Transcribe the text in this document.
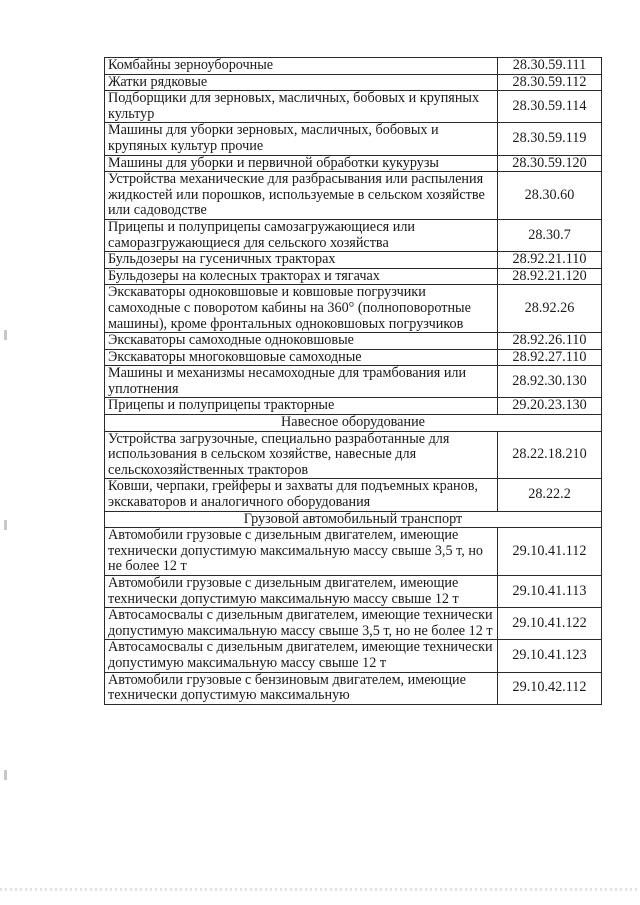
Комбайны зерноуборочные	28.30.59.111
Жатки рядковые	28.30.59.112
Подборщики для зерновых, масличных, бобовых и крупяных культур	28.30.59.114
Машины для уборки зерновых, масличных, бобовых и крупяных культур прочие	28.30.59.119
Машины для уборки и первичной обработки кукурузы	28.30.59.120
Устройства механические для разбрасывания или распыления жидкостей или порошков, используемые в сельском хозяйстве или садоводстве	28.30.60
Прицепы и полуприцепы самозагружающиеся или саморазгружающиеся для сельского хозяйства	28.30.7
Бульдозеры на гусеничных тракторах	28.92.21.110
Бульдозеры на колесных тракторах и тягачах	28.92.21.120
Экскаваторы одноковшовые и ковшовые погрузчики самоходные с поворотом кабины на 360° (полноповоротные машины), кроме фронтальных одноковшовых погрузчиков	28.92.26
Экскаваторы самоходные одноковшовые	28.92.26.110
Экскаваторы многоковшовые самоходные	28.92.27.110
Машины и механизмы несамоходные для трамбования или уплотнения	28.92.30.130
Прицепы и полуприцепы тракторные	29.20.23.130
Навесное оборудование	
Устройства загрузочные, специально разработанные для использования в сельском хозяйстве, навесные для сельскохозяйственных тракторов	28.22.18.210
Ковши, черпаки, грейферы и захваты для подъемных кранов, экскаваторов и аналогичного оборудования	28.22.2
Грузовой автомобильный транспорт	
Автомобили грузовые с дизельным двигателем, имеющие технически допустимую максимальную массу свыше 3,5 т, но не более 12 т	29.10.41.112
Автомобили грузовые с дизельным двигателем, имеющие технически допустимую максимальную массу свыше 12 т	29.10.41.113
Автосамосвалы с дизельным двигателем, имеющие технически допустимую максимальную массу свыше 3,5 т, но не более 12 т	29.10.41.122
Автосамосвалы с дизельным двигателем, имеющие технически допустимую максимальную массу свыше 12 т	29.10.41.123
Автомобили грузовые с бензиновым двигателем, имеющие технически допустимую максимальную	29.10.42.112
